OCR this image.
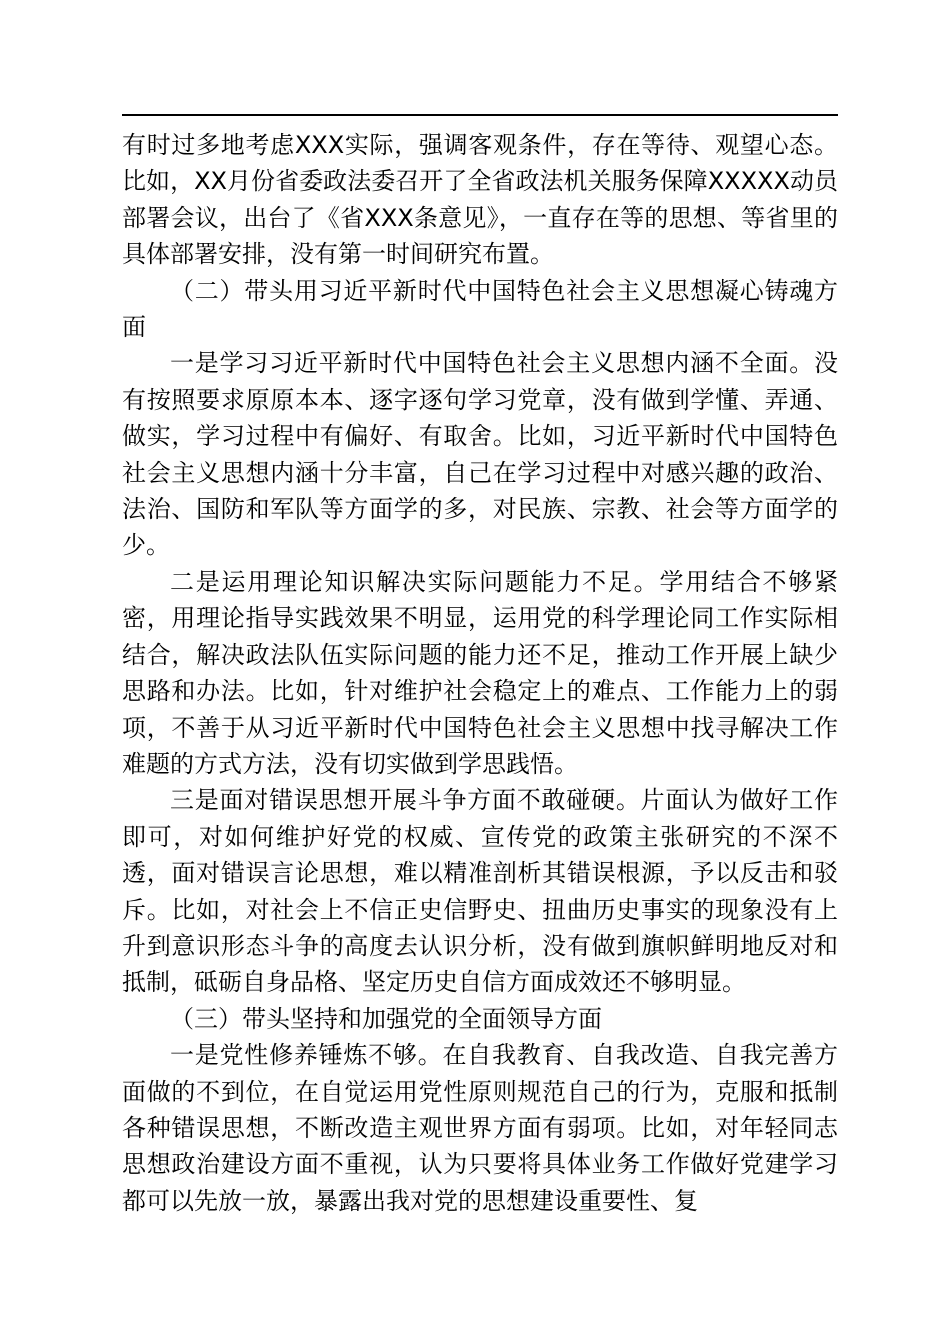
有时过多地考虑XXX实际，强调客观条件，存在等待、观望心态。比如，XX月份省委政法委召开了全省政法机关服务保障XXXXX动员部署会议，出台了《省XXX条意见》，一直存在等的思想、等省里的具体部署安排，没有第一时间研究布置。

（二）带头用习近平新时代中国特色社会主义思想凝心铸魂方面

一是学习习近平新时代中国特色社会主义思想内涵不全面。没有按照要求原原本本、逐字逐句学习党章，没有做到学懂、弄通、做实，学习过程中有偏好、有取舍。比如，习近平新时代中国特色社会主义思想内涵十分丰富，自己在学习过程中对感兴趣的政治、法治、国防和军队等方面学的多，对民族、宗教、社会等方面学的少。

二是运用理论知识解决实际问题能力不足。学用结合不够紧密，用理论指导实践效果不明显，运用党的科学理论同工作实际相结合，解决政法队伍实际问题的能力还不足，推动工作开展上缺少思路和办法。比如，针对维护社会稳定上的难点、工作能力上的弱项，不善于从习近平新时代中国特色社会主义思想中找寻解决工作难题的方式方法，没有切实做到学思践悟。

三是面对错误思想开展斗争方面不敢碰硬。片面认为做好工作即可，对如何维护好党的权威、宣传党的政策主张研究的不深不透，面对错误言论思想，难以精准剖析其错误根源，予以反击和驳斥。比如，对社会上不信正史信野史、扭曲历史事实的现象没有上升到意识形态斗争的高度去认识分析，没有做到旗帜鲜明地反对和抵制，砥砺自身品格、坚定历史自信方面成效还不够明显。

（三）带头坚持和加强党的全面领导方面

一是党性修养锤炼不够。在自我教育、自我改造、自我完善方面做的不到位，在自觉运用党性原则规范自己的行为，克服和抵制各种错误思想，不断改造主观世界方面有弱项。比如，对年轻同志思想政治建设方面不重视，认为只要将具体业务工作做好党建学习都可以先放一放，暴露出我对党的思想建设重要性、复
